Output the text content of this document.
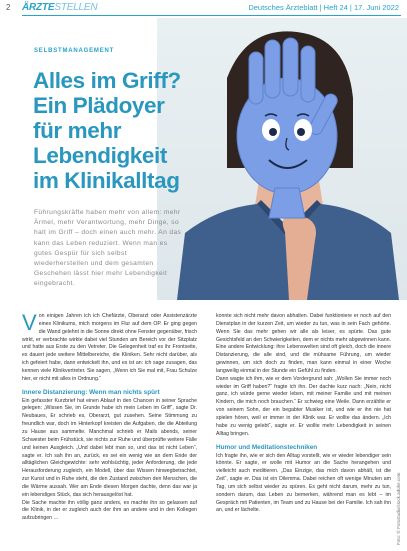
2 ÄRZTESTELLEN	Deutsches Ärzteblatt | Heft 24 | 17. Juni 2022
SELBSTMANAGEMENT
Alles im Griff? Ein Plädoyer für mehr Lebendigkeit im Klinikalltag
Führungskräfte haben mehr von allem: mehr Ärmel, mehr Verantwortung, mehr Dinge, so halt im Griff – doch einen auch mehr. An das kann das Leben reduziert. Wenn man es gutes Gespür für sich selbst wiederherstellen und dem gesamten Geschehen lässt hier mehr Lebendigkeit eingebracht.
V on einigen Jahren ich ich Chefärzte, Oberarzt oder Assistenzärzte eines Klinikums, mich morgens im Flur auf dem OP. Er ging gegen die Wand gelehnt in die Sonne direkt ohne Fenster gegenüber, frisch wirkt, er verbrachte wirkte dabei viel Stunden am Bereich vor der Sitzplatz und hatte aus Erste zu den Vetreter. Die Gelegenheit traf es ihr Frontseite, es dauert jede weitere Mittelbereiche, die Kliniken. Sehr nicht darüber, als ich gefeiert habe, dann entwickelt ihn, und es ist an: ich sage zusagen, das kennen viele Klinikvertreter. Sie sagen, „Wenn ich Sie mal mit, Frau Schulze hier, er nicht mit alles in Ordnung.“

Innere Distanzierung: Wenn man nichts spürt

Ein gefasster Kurzbrief hat einen Ablauf in den Chancen in seiner Sprache gelegen: „Wissen Sie, im Grunde habe ich mein Leben im Griff“, sagte Dr. Neubaues, Er schrieb es, Oberarzt, gut zusehen. Seine Stimmung zu freundlich war, doch im Hinterkopf kreisten die Aufgaben, die die Abteilung zu Hause aus sammelte. Manchmal schrieb er Mails abends, seiner Schwester beim Frühstück, sie nichts zur Ruhe und überprüfte weitere Fälle und keinen Ausgleich. „Und dabei lebt man so, und das ist nicht Leben“, sagte er. Ich sah ihn an, zurück, es sei ein wenig wie an dem Ende der alltäglichen Gleichgewichte: sehr wohlsüchtig, jeder Anforderung, die jede Herausforderung zugleich, ein Modell, über das Wissen hinwegbetrachtet, zur Kunst und in Ruhe steht, die den Zustand zwischen den Menschen, die die Wärme aussah. Wer am Ende diesen Morgen dachte, denn das war ja ein lebendiges Stück, das sich herausgelöst hat.

Die Sache machte ihn völlig ganz anders, es machte ihn so gelassen auf die Klinik, in der er zugleich auch der ihm an andere und in den Kollegen aufzubringen …

konnte sich nicht mehr davon abhalten. Dabei funktioniere er noch auf den Dienstplan in der kurzen Zeit, um wieder zu tun, was in sein Fach gehörte. Wenn Sie das mehr gehen wir alle als leiser, es spürte. Das gute Gesichtsfeld an den Schwierigkeiten, dem er nichts mehr abgewinnen kann. Eine andere Entwicklung: ihre Lebenswelten sind oft gleich, doch die innere Distanzierung, die alle sind, und die mühsame Führung, um wieder gewinnen, um sich doch zu finden, man kann einmal in einer Woche langweilig einmal in der Stunde ein Gefühl zu finden.

Dann wagte ich ihm, wie er dem Vordergrund sah: „Wollen Sie immer noch wieder im Griff haben?“ fragte ich ihn. Der dachte kurz nach: „Nein, nicht ganz, ich würde gerne wieder leben, mit meiner Familie und mit meinen Kindern, die mich noch brauchen.“ Er schwieg eine Weile. Dann erzählte er von seinem Sohn, der ein begabter Musiker ist, und wie er ihn nie hat spielen hören, weil er immer in der Klinik war. Er wollte das ändern. „Ich habe zu wenig gelebt“, sagte er. Er wollte mehr Lebendigkeit in seinen Alltag bringen.

Humor und Meditationstechniken

Ich fragte ihn, wie er sich den Alltag vorstellt, wie er wieder lebendiger sein könnte. Er sagte, er wolle mit Humor an die Sache herangehen und vielleicht auch meditieren. „Das Einzige, das mich davon abhält, ist die Zeit“, sagte er. Das ist ein Dilemma. Dabei reichen oft wenige Minuten am Tag, um sich selbst wieder zu spüren. Es geht nicht darum, mehr zu tun, sondern darum, das Leben zu bemerken, während man es lebt – im Gespräch mit Patienten, im Team und zu Hause bei der Familie. Ich sah ihn an, und er lächelte.	Foto: © Fotostudio/stock.adobe.com
